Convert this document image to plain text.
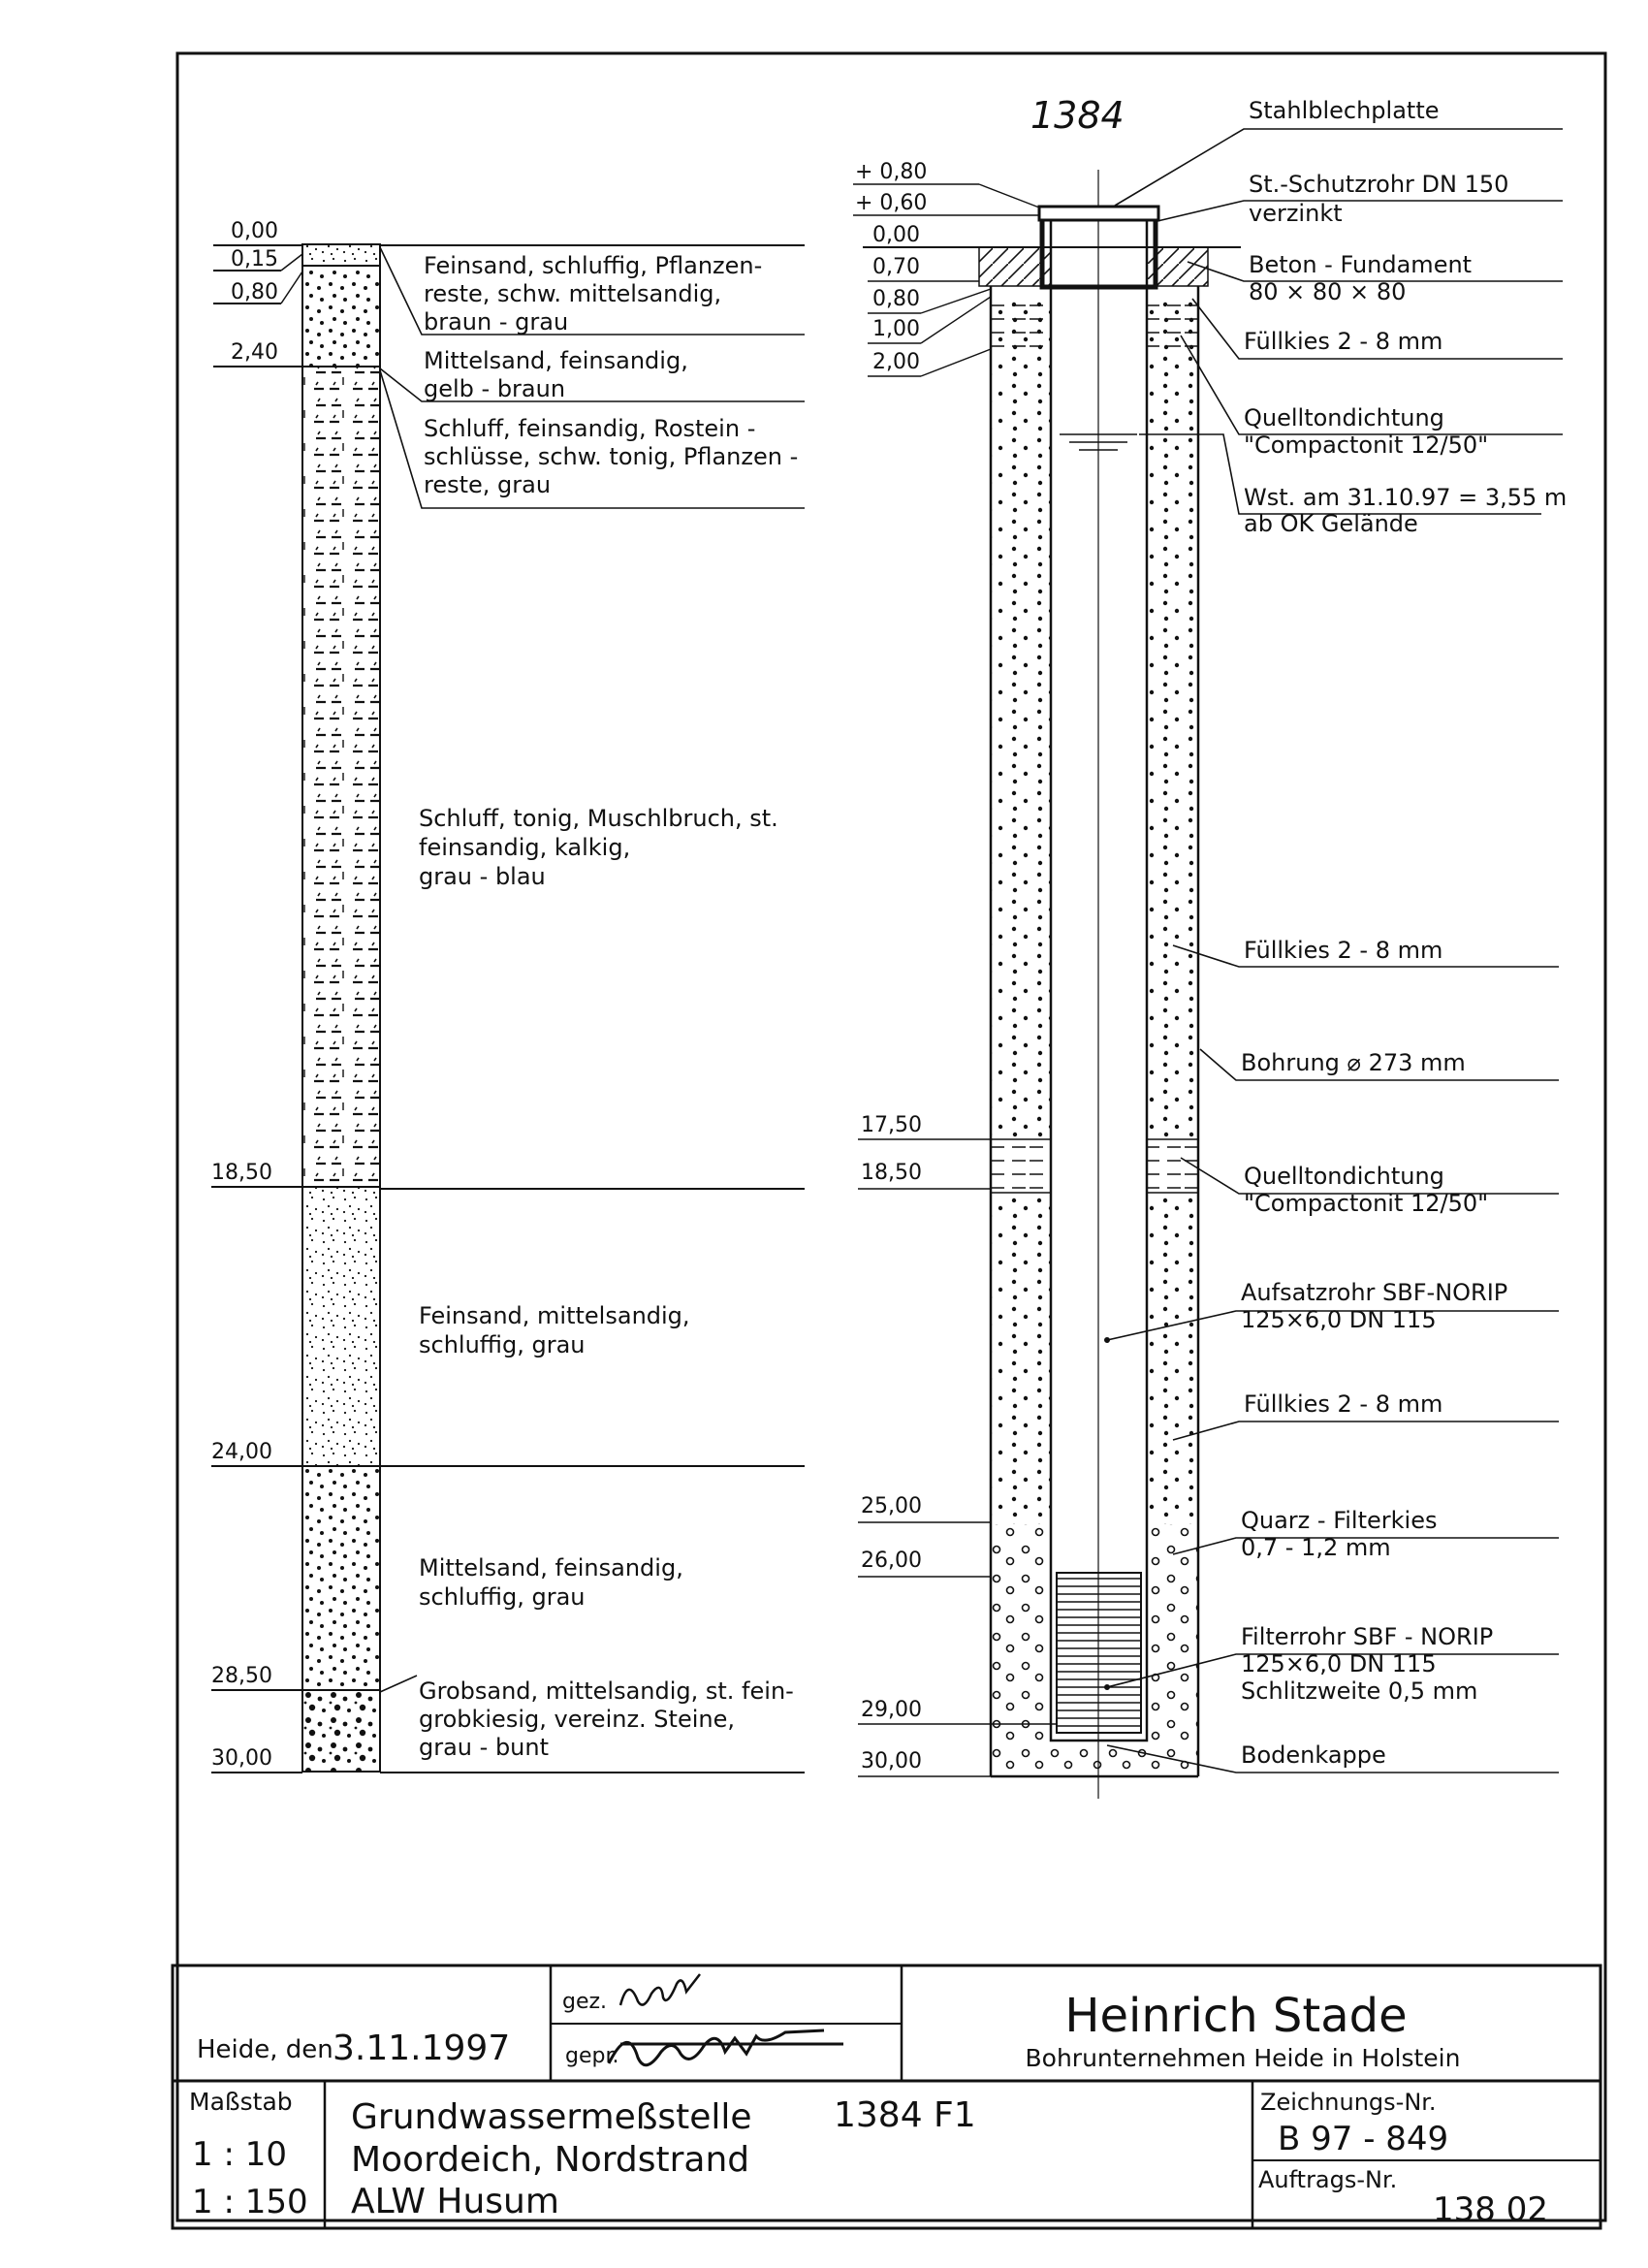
1384
0,00
0,15
0,80
2,40
18,50
24,00
28,50
30,00
Feinsand, schluffig, Pflanzen- reste, schw. mittelsandig, braun - grau
Mittelsand, feinsandig, gelb - braun
Schluff, feinsandig, Rostein - schlüsse, schw. tonig, Pflanzen - reste, grau
Schluff, tonig, Muschlbruch, st. feinsandig, kalkig, grau - blau
Feinsand, mittelsandig, schluffig, grau
Mittelsand, feinsandig, schluffig, grau
Grobsand, mittelsandig, st. fein- grobkiesig, vereinz. Steine, grau - bunt
+ 0,80
+ 0,60
0,00
0,70
0,80
1,00
2,00
17,50
18,50
25,00
26,00
29,00
30,00
Stahlblechplatte
St.-Schutzrohr DN 150 verzinkt
Beton - Fundament 80 × 80 × 80
Füllkies 2 - 8 mm
Quelltondichtung "Compactonit 12/50"
Wst. am 31.10.97 = 3,55 m ab OK Gelände
Füllkies 2 - 8 mm
Bohrung ⌀ 273 mm
Quelltondichtung "Compactonit 12/50"
Aufsatzrohr SBF-NORIP 125×6,0 DN 115
Füllkies 2 - 8 mm
Quarz - Filterkies 0,7 - 1,2 mm
Filterrohr SBF - NORIP 125×6,0 DN 115 Schlitzweite 0,5 mm
Bodenkappe
Heide, den 3.11.1997
gez.
gepr.
Heinrich Stade
Bohrunternehmen Heide in Holstein
Maßstab
1 : 10
1 : 150
Grundwassermeßstelle
Moordeich, Nordstrand
ALW Husum
1384 F1	Zeichnungs-Nr.
B 97 - 849
Auftrags-Nr.
138 02
